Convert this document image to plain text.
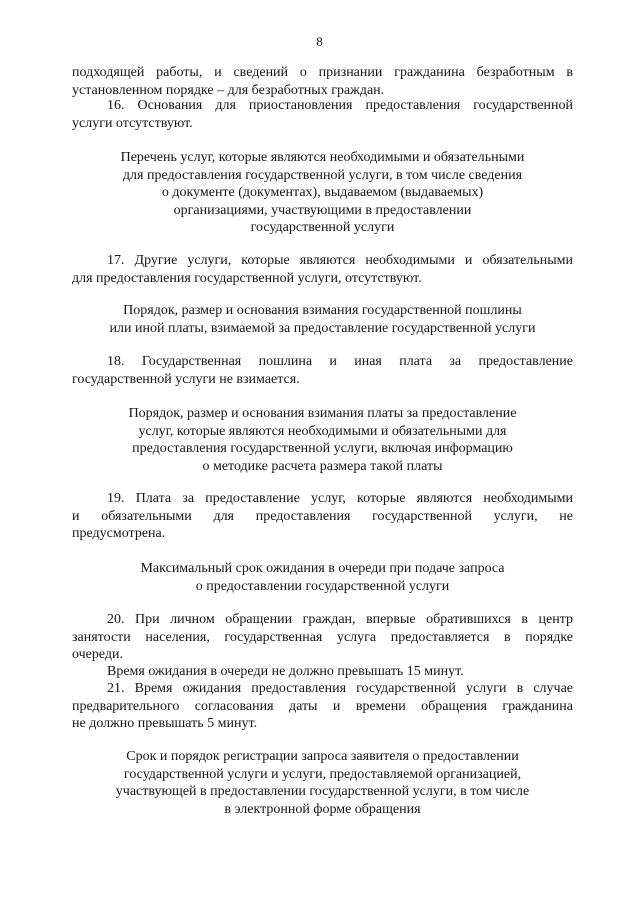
8
подходящей работы, и сведений о признании гражданина безработным в
установленном порядке – для безработных граждан.
16. Основания для приостановления предоставления государственной
услуги отсутствуют.
Перечень услуг, которые являются необходимыми и обязательными
для предоставления государственной услуги, в том числе сведения
о документе (документах), выдаваемом (выдаваемых)
организациями, участвующими в предоставлении
государственной услуги
17. Другие услуги, которые являются необходимыми и обязательными
для предоставления государственной услуги, отсутствуют.
Порядок, размер и основания взимания государственной пошлины
или иной платы, взимаемой за предоставление государственной услуги
18. Государственная пошлина и иная плата за предоставление
государственной услуги не взимается.
Порядок, размер и основания взимания платы за предоставление
услуг, которые являются необходимыми и обязательными для
предоставления государственной услуги, включая информацию
о методике расчета размера такой платы
19. Плата за предоставление услуг, которые являются необходимыми
и обязательными для предоставления государственной услуги, не
предусмотрена.
Максимальный срок ожидания в очереди при подаче запроса
о предоставлении государственной услуги
20. При личном обращении граждан, впервые обратившихся в центр
занятости населения, государственная услуга предоставляется в порядке
очереди.
Время ожидания в очереди не должно превышать 15 минут.
21. Время ожидания предоставления государственной услуги в случае
предварительного согласования даты и времени обращения гражданина
не должно превышать 5 минут.
Срок и порядок регистрации запроса заявителя о предоставлении
государственной услуги и услуги, предоставляемой организацией,
участвующей в предоставлении государственной услуги, в том числе
в электронной форме обращения
